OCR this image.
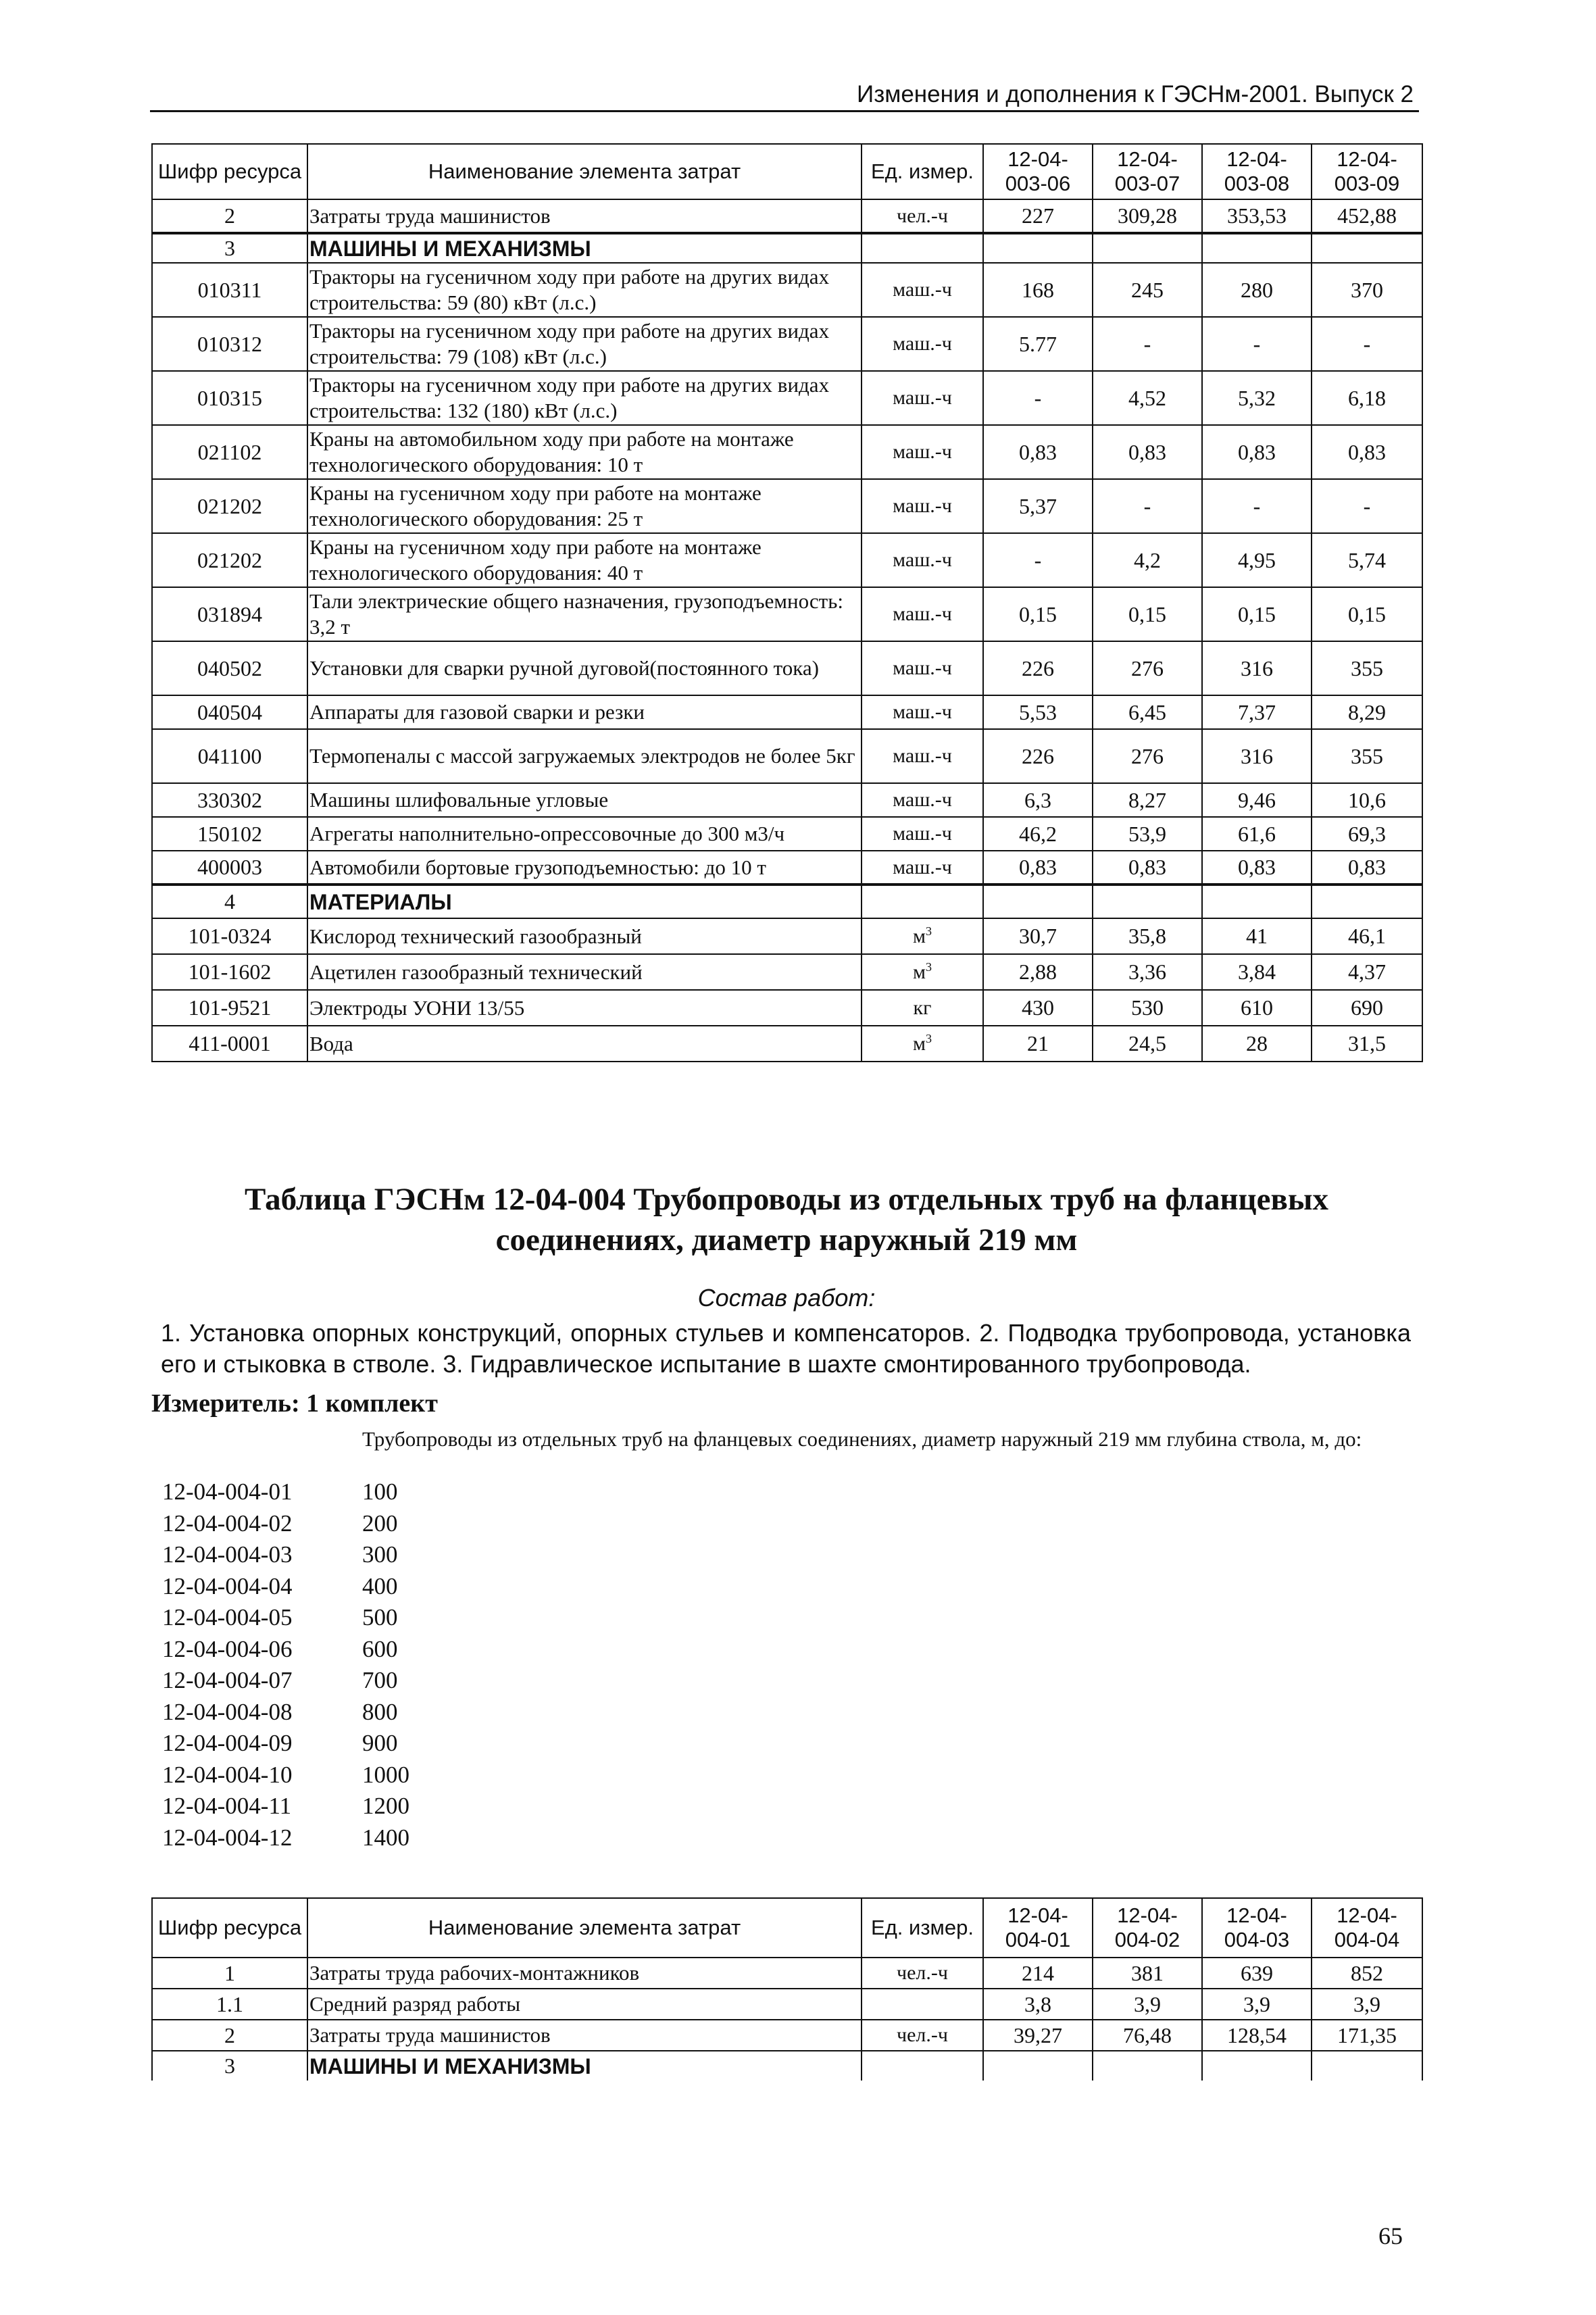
Изменения и дополнения к ГЭСНм-2001. Выпуск 2
Шифр ресурса	Наименование элемента затрат	Ед. измер.	12-04-003-06	12-04-003-07	12-04-003-08	12-04-003-09
2	Затраты труда машинистов	чел.-ч	227	309,28	353,53	452,88
3	МАШИНЫ И МЕХАНИЗМЫ					
010311	Тракторы на гусеничном ходу при работе на других видах строительства: 59 (80) кВт (л.с.)	маш.-ч	168	245	280	370
010312	Тракторы на гусеничном ходу при работе на других видах строительства: 79 (108) кВт (л.с.)	маш.-ч	5.77	-	-	-
010315	Тракторы на гусеничном ходу при работе на других видах строительства: 132 (180) кВт (л.с.)	маш.-ч	-	4,52	5,32	6,18
021102	Краны на автомобильном ходу при работе на монтаже технологического оборудования: 10 т	маш.-ч	0,83	0,83	0,83	0,83
021202	Краны на гусеничном ходу при работе на монтаже технологического оборудования: 25 т	маш.-ч	5,37	-	-	-
021202	Краны на гусеничном ходу при работе на монтаже технологического оборудования: 40 т	маш.-ч	-	4,2	4,95	5,74
031894	Тали электрические общего назначения, грузоподъемность: 3,2 т	маш.-ч	0,15	0,15	0,15	0,15
040502	Установки для сварки ручной дуговой(постоянного тока)	маш.-ч	226	276	316	355
040504	Аппараты для газовой сварки и резки	маш.-ч	5,53	6,45	7,37	8,29
041100	Термопеналы с массой загружаемых электродов не более 5кг	маш.-ч	226	276	316	355
330302	Машины шлифовальные угловые	маш.-ч	6,3	8,27	9,46	10,6
150102	Агрегаты наполнительно-опрессовочные до 300 м3/ч	маш.-ч	46,2	53,9	61,6	69,3
400003	Автомобили бортовые грузоподъемностью: до 10 т	маш.-ч	0,83	0,83	0,83	0,83
4	МАТЕРИАЛЫ					
101-0324	Кислород технический газообразный	$м^3$	30,7	35,8	41	46,1
101-1602	Ацетилен газообразный технический	$м^3$	2,88	3,36	3,84	4,37
101-9521	Электроды УОНИ 13/55	кг	430	530	610	690
411-0001	Вода	$м^3$	21	24,5	28	31,5
Таблица ГЭСНм 12-04-004 Трубопроводы из отдельных труб на фланцевых
соединениях, диаметр наружный 219 мм
Состав работ:
1. Установка опорных конструкций, опорных стульев и компенсаторов. 2. Подводка трубопровода, установка его и стыковка в стволе. 3. Гидравлическое испытание в шахте смонтированного трубопровода.
Измеритель: 1 комплект
Трубопроводы из отдельных труб на фланцевых соединениях, диаметр наружный 219 мм глубина ствола, м, до:
12-04-004-01	100
12-04-004-02	200
12-04-004-03	300
12-04-004-04	400
12-04-004-05	500
12-04-004-06	600
12-04-004-07	700
12-04-004-08	800
12-04-004-09	900
12-04-004-10	1000
12-04-004-11	1200
12-04-004-12	1400
Шифр ресурса	Наименование элемента затрат	Ед. измер.	12-04-004-01	12-04-004-02	12-04-004-03	12-04-004-04
1	Затраты труда рабочих-монтажников	чел.-ч	214	381	639	852
1.1	Средний разряд работы		3,8	3,9	3,9	3,9
2	Затраты труда машинистов	чел.-ч	39,27	76,48	128,54	171,35
3	МАШИНЫ И МЕХАНИЗМЫ					
65
